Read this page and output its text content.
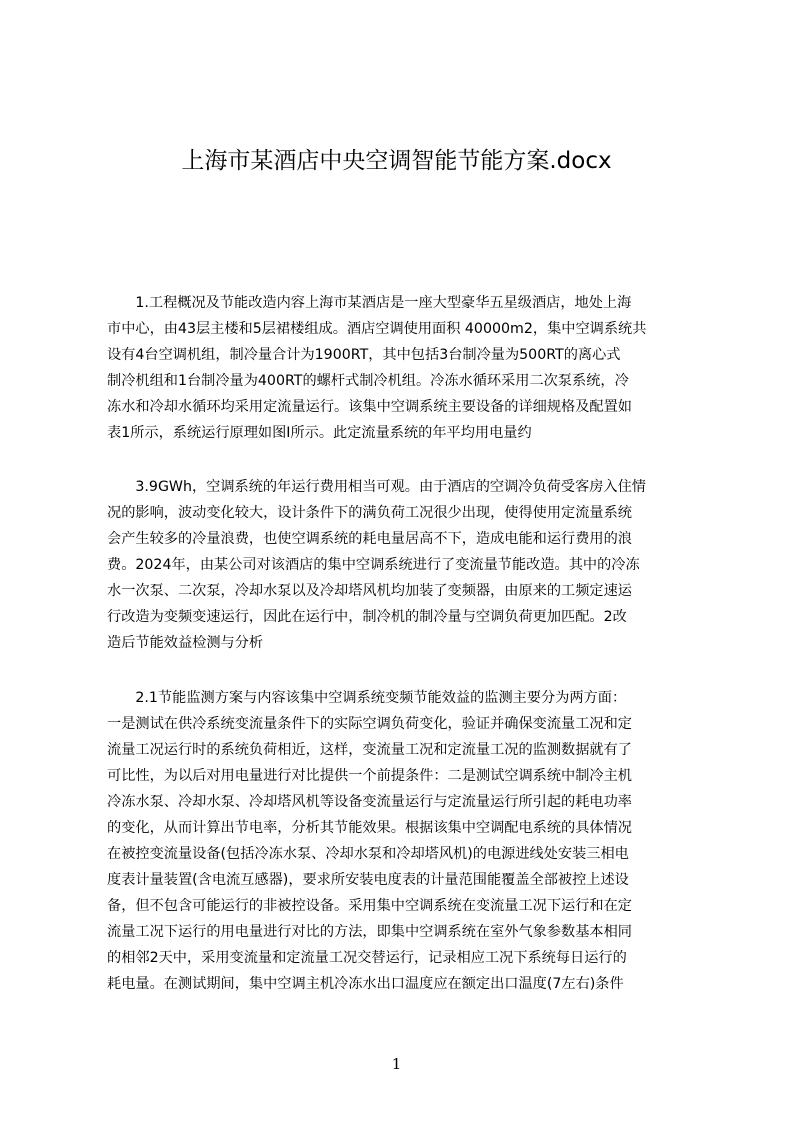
上海市某酒店中央空调智能节能方案.docx
　　1.工程概况及节能改造内容上海市某酒店是一座大型豪华五星级酒店，地处上海
市中心，由43层主楼和5层裙楼组成。酒店空调使用面积 40000m2，集中空调系统共
设有4台空调机组，制冷量合计为1900RT，其中包括3台制冷量为500RT的离心式
制冷机组和1台制冷量为400RT的螺杆式制冷机组。冷冻水循环采用二次泵系统，冷
冻水和冷却水循环均采用定流量运行。该集中空调系统主要设备的详细规格及配置如
表1所示，系统运行原理如图Ⅰ所示。此定流量系统的年平均用电量约
　　3.9GWh，空调系统的年运行费用相当可观。由于酒店的空调冷负荷受客房入住情
况的影响，波动变化较大，设计条件下的满负荷工况很少出现，使得使用定流量系统
会产生较多的冷量浪费，也使空调系统的耗电量居高不下，造成电能和运行费用的浪
费。2024年，由某公司对该酒店的集中空调系统进行了变流量节能改造。其中的冷冻
水一次泵、二次泵，冷却水泵以及冷却塔风机均加装了变频器，由原来的工频定速运
行改造为变频变速运行，因此在运行中，制冷机的制冷量与空调负荷更加匹配。2改
造后节能效益检测与分析
　　2.1节能监测方案与内容该集中空调系统变频节能效益的监测主要分为两方面：
一是测试在供冷系统变流量条件下的实际空调负荷变化，验证并确保变流量工况和定
流量工况运行时的系统负荷相近，这样，变流量工况和定流量工况的监测数据就有了
可比性，为以后对用电量进行对比提供一个前提条件：二是测试空调系统中制冷主机
冷冻水泵、冷却水泵、冷却塔风机等设备变流量运行与定流量运行所引起的耗电功率
的变化，从而计算出节电率，分析其节能效果。根据该集中空调配电系统的具体情况
在被控变流量设备(包括冷冻水泵、冷却水泵和冷却塔风机)的电源进线处安装三相电
度表计量装置(含电流互感器)，要求所安装电度表的计量范围能覆盖全部被控上述设
备，但不包含可能运行的非被控设备。采用集中空调系统在变流量工况下运行和在定
流量工况下运行的用电量进行对比的方法，即集中空调系统在室外气象参数基本相同
的相邻2天中，采用变流量和定流量工况交替运行，记录相应工况下系统每日运行的
耗电量。在测试期间，集中空调主机冷冻水出口温度应在额定出口温度(7左右)条件
1
